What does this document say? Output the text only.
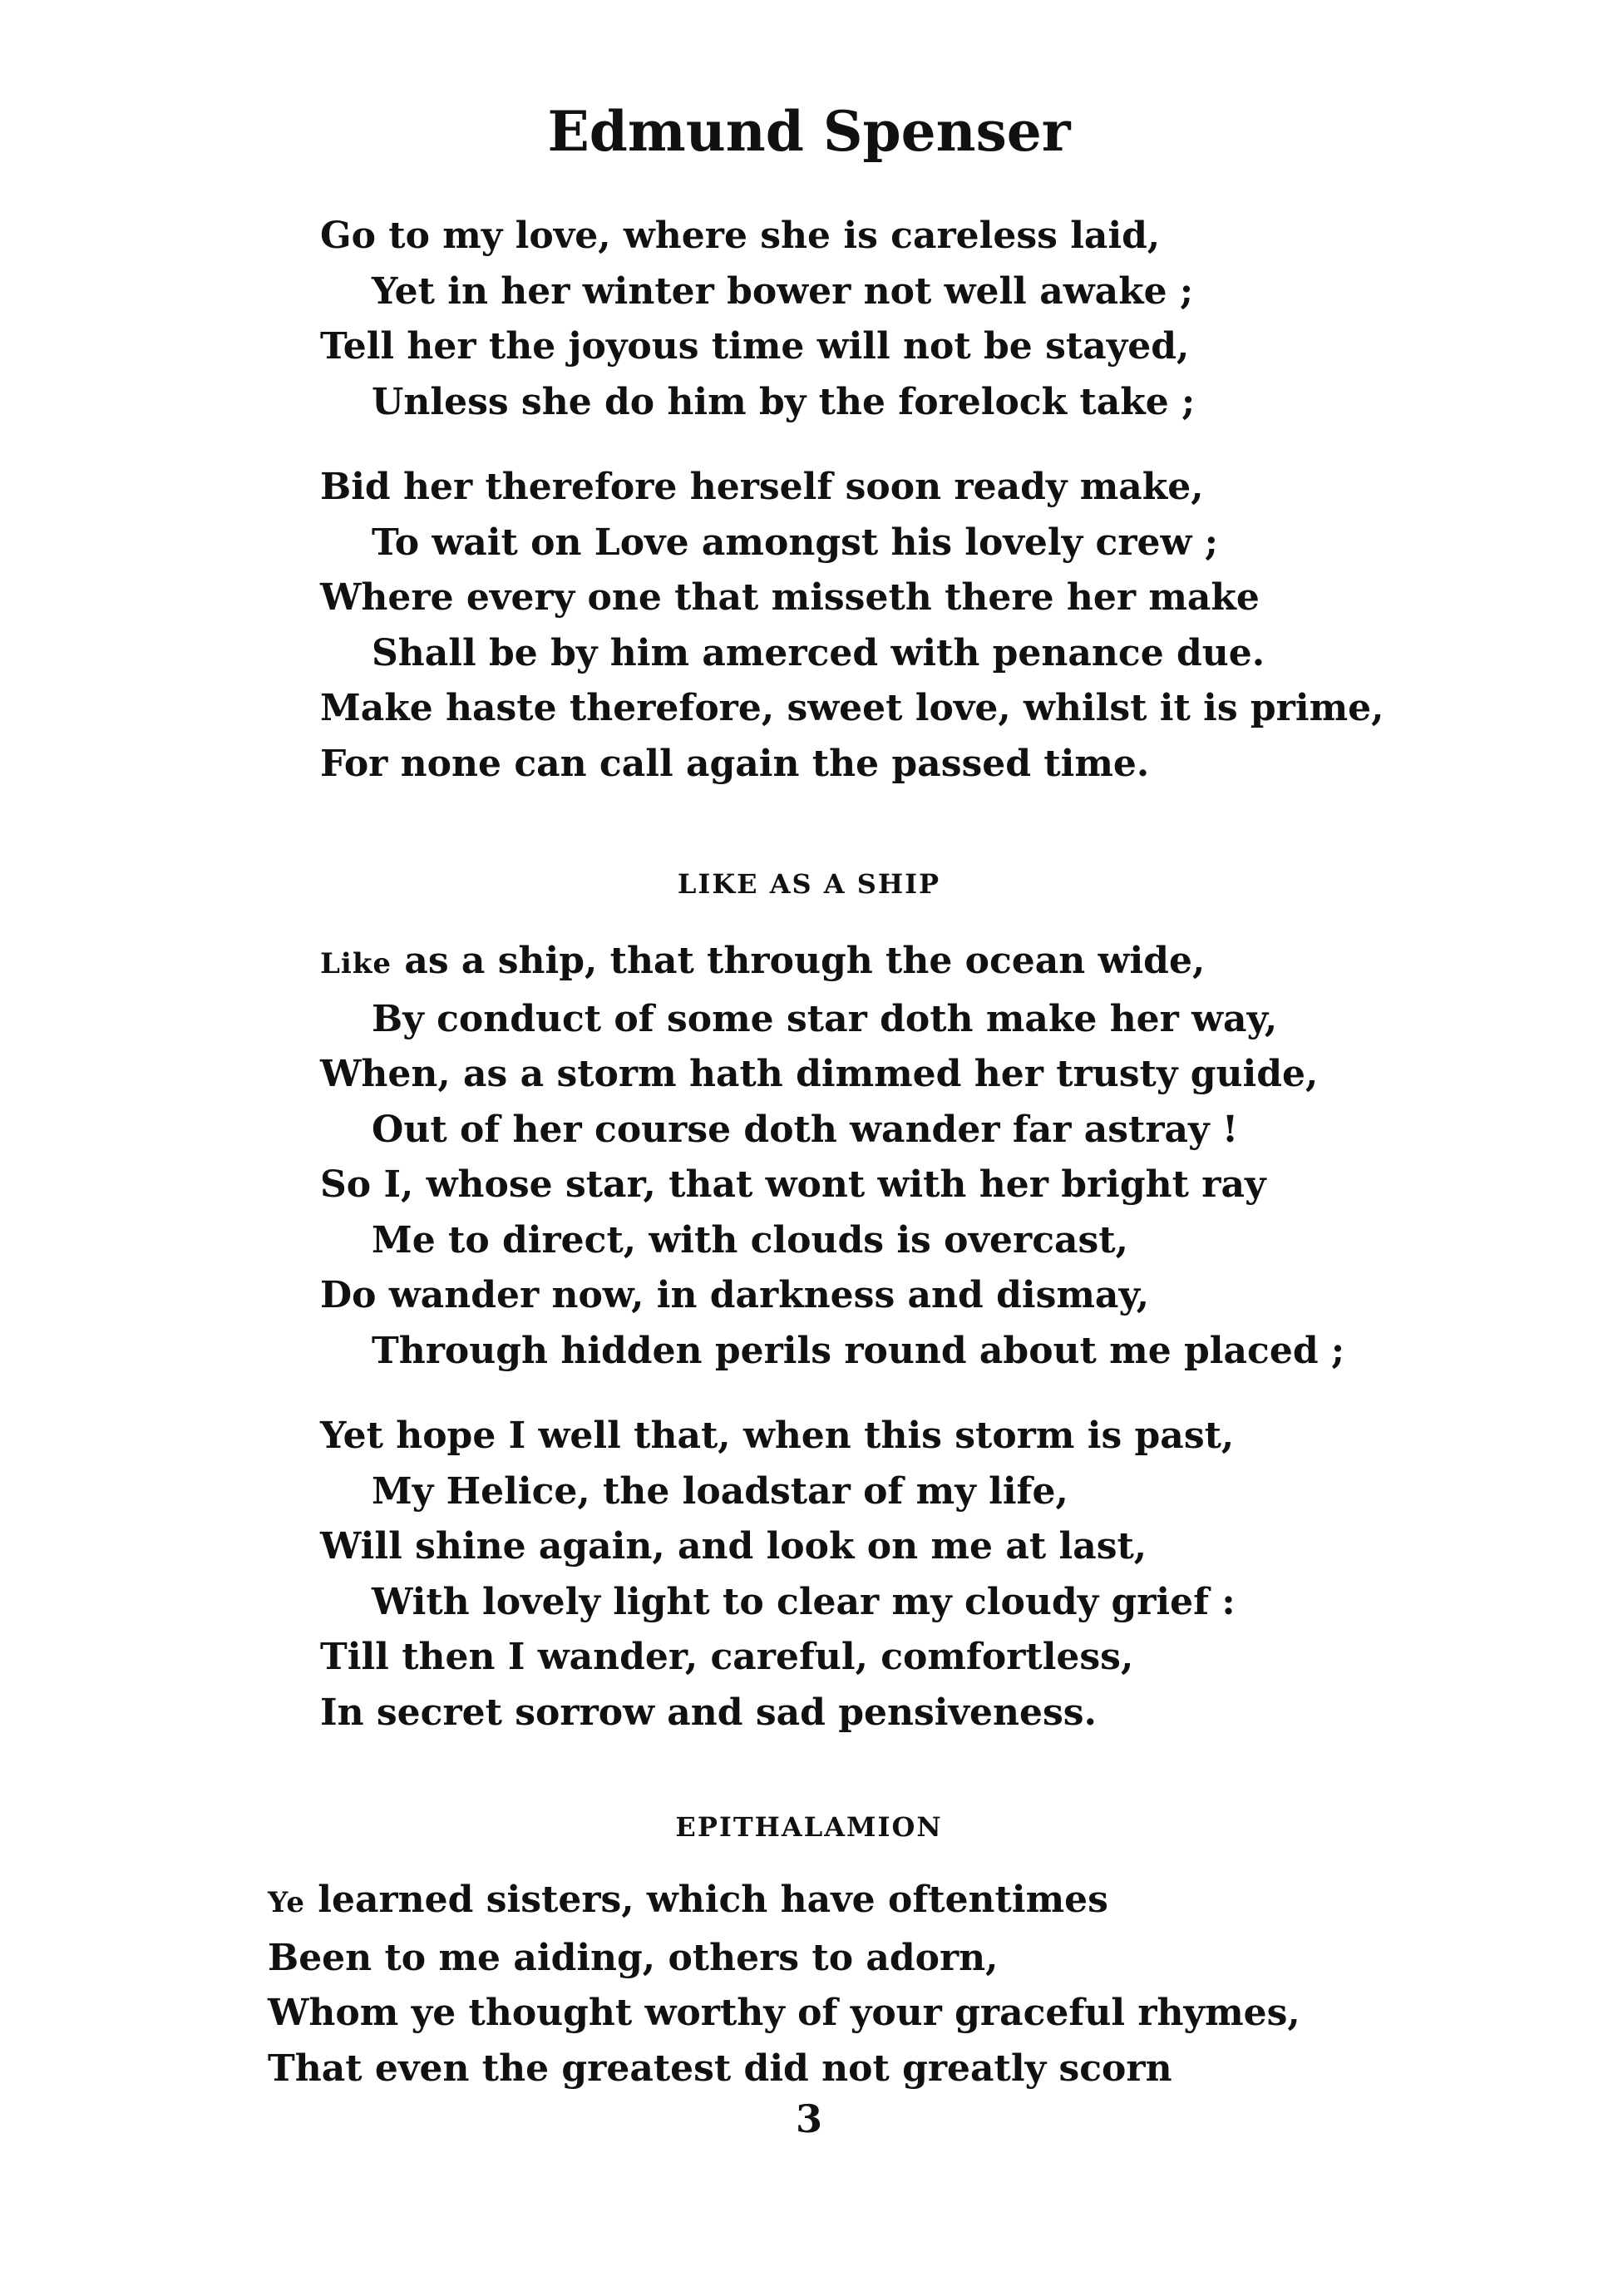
Edmund Spenser
Go to my love, where she is careless laid,
Yet in her winter bower not well awake ;
Tell her the joyous time will not be stayed,
Unless she do him by the forelock take ;
Bid her therefore herself soon ready make,
To wait on Love amongst his lovely crew ;
Where every one that misseth there her make
Shall be by him amerced with penance due.
Make haste therefore, sweet love, whilst it is prime,
For none can call again the passed time.
LIKE AS A SHIP
Like as a ship, that through the ocean wide,
By conduct of some star doth make her way,
When, as a storm hath dimmed her trusty guide,
Out of her course doth wander far astray !
So I, whose star, that wont with her bright ray
Me to direct, with clouds is overcast,
Do wander now, in darkness and dismay,
Through hidden perils round about me placed ;
Yet hope I well that, when this storm is past,
My Helice, the loadstar of my life,
Will shine again, and look on me at last,
With lovely light to clear my cloudy grief :
Till then I wander, careful, comfortless,
In secret sorrow and sad pensiveness.
EPITHALAMION
Ye learned sisters, which have oftentimes
Been to me aiding, others to adorn,
Whom ye thought worthy of your graceful rhymes,
That even the greatest did not greatly scorn
3
